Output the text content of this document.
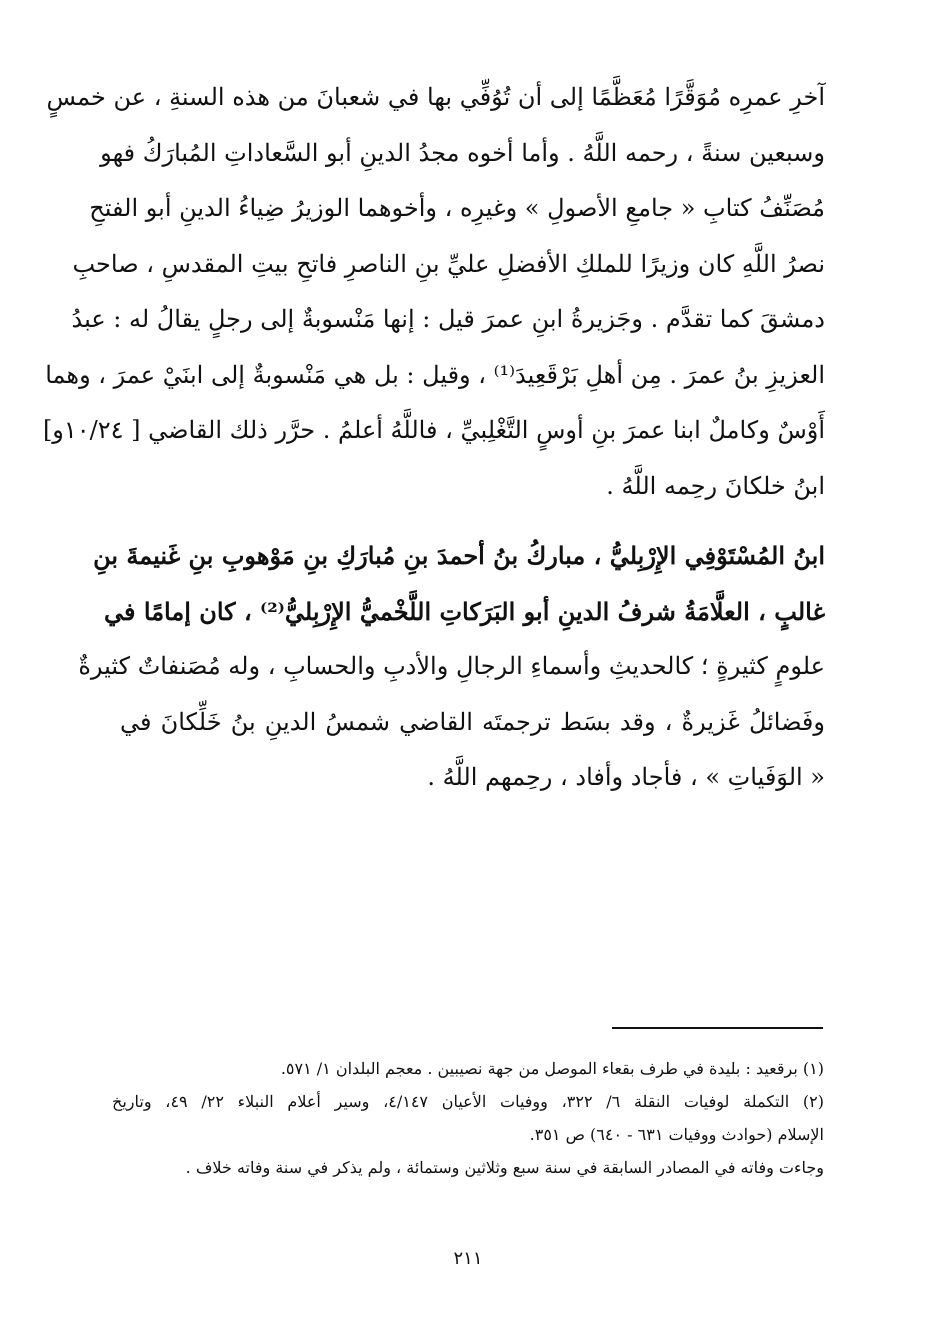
آخرِ عمرِه مُوَقَّرًا مُعَظَّمًا إلى أن تُوُفِّي بها في شعبانَ من هذه السنةِ ، عن خمسٍ
وسبعين سنةً ، رحمه اللَّهُ . وأما أخوه مجدُ الدينِ أبو السَّعاداتِ المُبارَكُ فهو
مُصَنِّفُ كتابِ « جامعِ الأصولِ » وغيرِه ، وأخوهما الوزيرُ ضِياءُ الدينِ أبو الفتحِ
نصرُ اللَّهِ كان وزيرًا للملكِ الأفضلِ عليِّ بنِ الناصرِ فاتحِ بيتِ المقدسِ ، صاحبِ
دمشقَ كما تقدَّم . وجَزيرةُ ابنِ عمرَ قيل : إنها مَنْسوبةٌ إلى رجلٍ يقالُ له : عبدُ
العزيزِ بنُ عمرَ . مِن أهلِ بَرْقَعِيدَ⁽¹⁾ ، وقيل : بل هي مَنْسوبةٌ إلى ابنَيْ عمرَ ، وهما
أَوْسٌ وكاملٌ ابنا عمرَ بنِ أوسٍ التَّغْلِبيِّ ، فاللَّهُ أعلمُ . حرَّر ذلك القاضي [ ١٠/٢٤و]
ابنُ خلكانَ رحِمه اللَّهُ .
ابنُ المُسْتَوْفِي الإِرْبِليُّ ، مباركُ بنُ أحمدَ بنِ مُبارَكِ بنِ مَوْهوبِ بنِ غَنيمةَ بنِ
غالبٍ ، العلَّامَةُ شرفُ الدينِ أبو البَرَكاتِ اللَّخْميُّ الإِرْبِليُّ⁽²⁾ ، كان إمامًا في
علومٍ كثيرةٍ ؛ كالحديثِ وأسماءِ الرجالِ والأدبِ والحسابِ ، وله مُصَنفاتٌ كثيرةٌ
وفَضائلُ غَزيرةٌ ، وقد بسَط ترجمتَه القاضي شمسُ الدينِ بنُ خَلِّكانَ في
« الوَفَياتِ » ، فأجاد وأفاد ، رحِمهم اللَّهُ .
(١) برقعيد : بليدة في طرف بقعاء الموصل من جهة نصيبين . معجم البلدان ١/ ٥٧١.
(٢) التكملة لوفيات النقلة ٦/ ٣٢٢، ووفيات الأعيان ٤/١٤٧، وسير أعلام النبلاء ٢٢/ ٤٩، وتاريخ
الإسلام (حوادث ووفيات ٦٣١ - ٦٤٠) ص ٣٥١.
وجاءت وفاته في المصادر السابقة في سنة سبع وثلاثين وستمائة ، ولم يذكر في سنة وفاته خلاف .
٢١١
